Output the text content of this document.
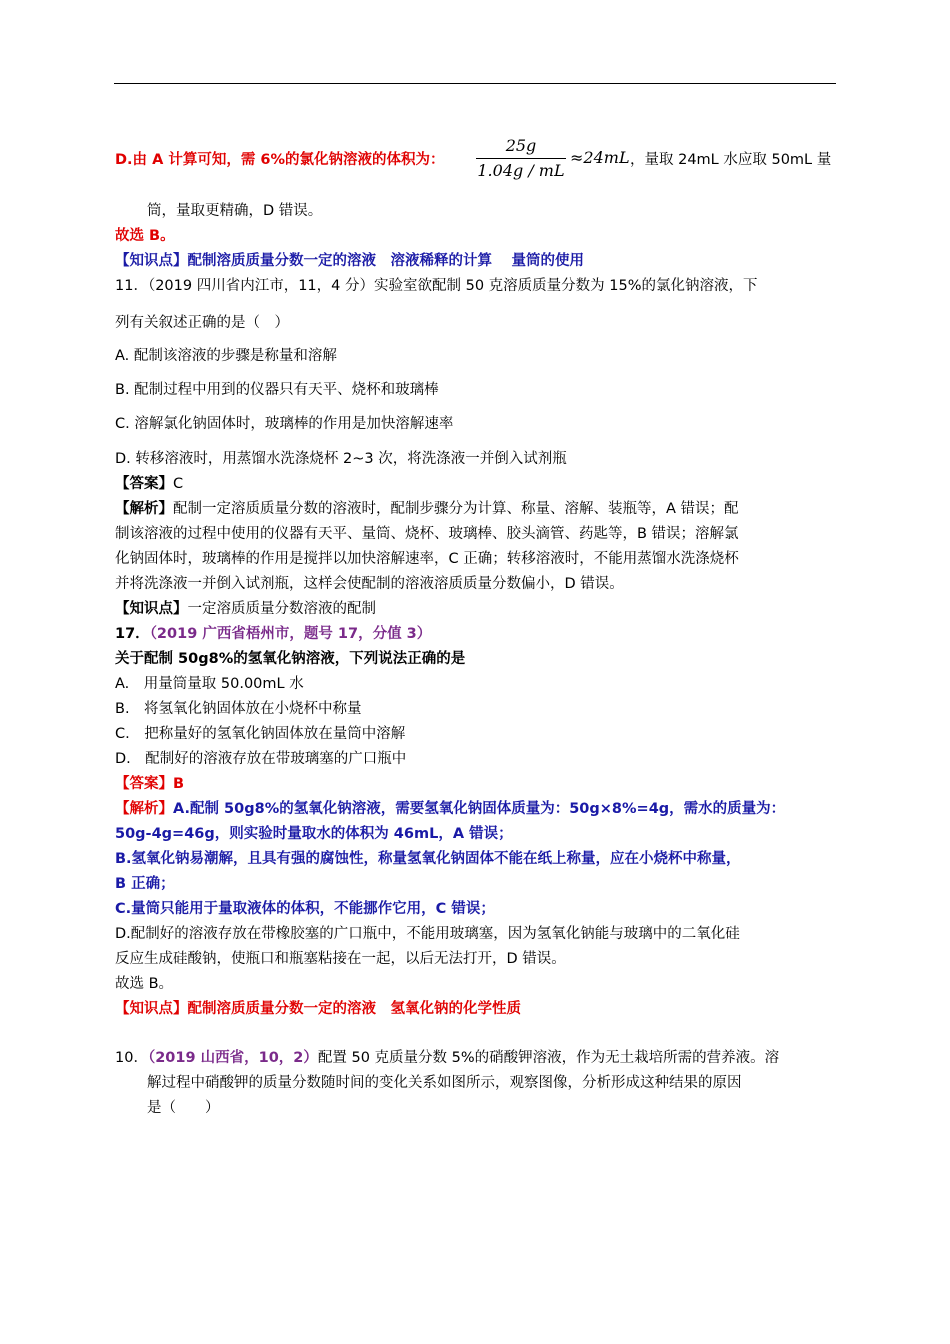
D.由 A 计算可知，需 6%的氯化钠溶液的体积为：
25g
1.04g / mL
≈24mL ，量取 24mL 水应取 50mL 量
筒，量取更精确，D 错误。
故选 B。
【知识点】配制溶质质量分数一定的溶液　溶液稀释的计算　 量筒的使用
11．（2019 四川省内江市，11，4 分）实验室欲配制 50 克溶质质量分数为 15%的氯化钠溶液，下
列有关叙述正确的是（　）
A. 配制该溶液的步骤是称量和溶解
B. 配制过程中用到的仪器只有天平、烧杯和玻璃棒
C. 溶解氯化钠固体时，玻璃棒的作用是加快溶解速率
D. 转移溶液时，用蒸馏水洗涤烧杯 2~3 次，将洗涤液一并倒入试剂瓶
【答案】C
【解析】配制一定溶质质量分数的溶液时，配制步骤分为计算、称量、溶解、装瓶等，A 错误；配
制该溶液的过程中使用的仪器有天平、量筒、烧杯、玻璃棒、胶头滴管、药匙等，B 错误；溶解氯
化钠固体时，玻璃棒的作用是搅拌以加快溶解速率，C 正确；转移溶液时，不能用蒸馏水洗涤烧杯
并将洗涤液一并倒入试剂瓶，这样会使配制的溶液溶质质量分数偏小，D 错误。
【知识点】一定溶质质量分数溶液的配制
17．（2019 广西省梧州市，题号 17，分值 3）
关于配制 50g8%的氢氧化钠溶液，下列说法正确的是
A.　用量筒量取 50.00mL 水
B.　将氢氧化钠固体放在小烧杯中称量
C.　把称量好的氢氧化钠固体放在量筒中溶解
D.　配制好的溶液存放在带玻璃塞的广口瓶中
【答案】B
【解析】A.配制 50g8%的氢氧化钠溶液，需要氢氧化钠固体质量为：50g×8%=4g，需水的质量为：
50g-4g=46g，则实验时量取水的体积为 46mL，A 错误；
B.氢氧化钠易潮解，且具有强的腐蚀性，称量氢氧化钠固体不能在纸上称量，应在小烧杯中称量，
B 正确；
C.量筒只能用于量取液体的体积，不能挪作它用，C 错误；
D.配制好的溶液存放在带橡胶塞的广口瓶中，不能用玻璃塞，因为氢氧化钠能与玻璃中的二氧化硅
反应生成硅酸钠，使瓶口和瓶塞粘接在一起，以后无法打开，D 错误。
故选 B。
【知识点】配制溶质质量分数一定的溶液　氢氧化钠的化学性质
10．（2019 山西省，10，2）配置 50 克质量分数 5%的硝酸钾溶液，作为无土栽培所需的营养液。溶
解过程中硝酸钾的质量分数随时间的变化关系如图所示，观察图像，分析形成这种结果的原因
是（　　）
